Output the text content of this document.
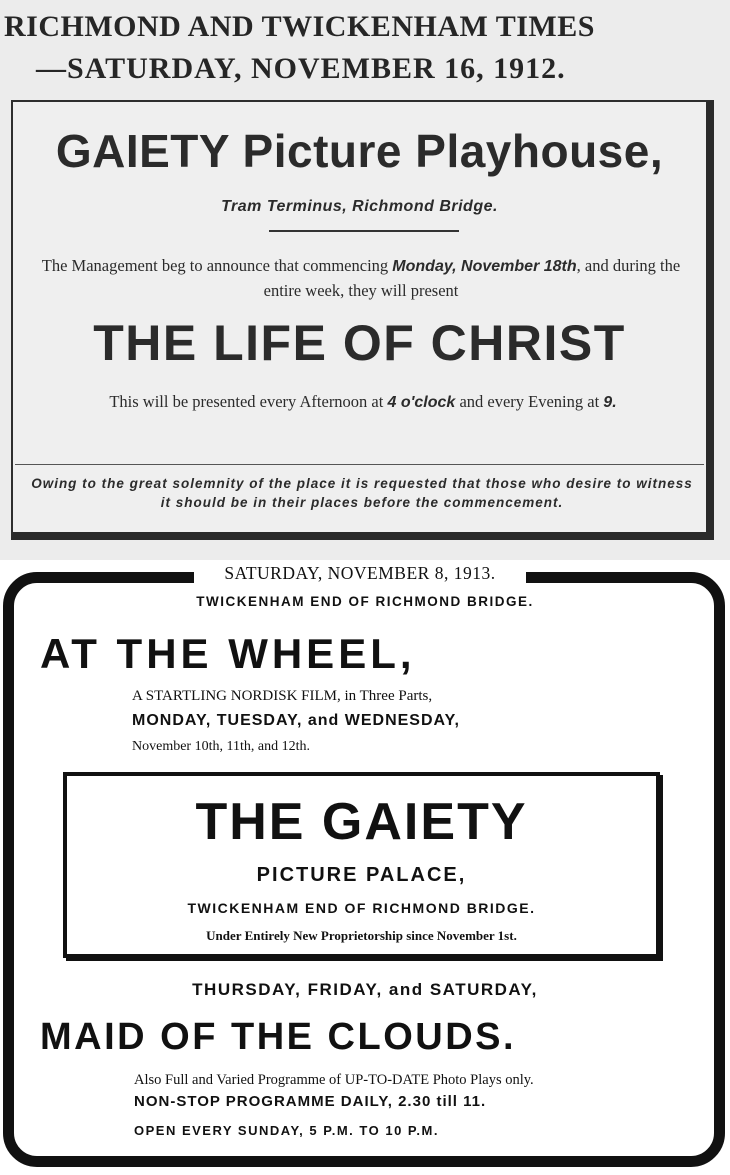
RICHMOND AND TWICKENHAM TIMES
—SATURDAY, NOVEMBER 16, 1912.
GAIETY Picture Playhouse,
Tram Terminus, Richmond Bridge.
The Management beg to announce that commencing Monday, November 18th, and during the entire week, they will present
THE LIFE OF CHRIST
This will be presented every Afternoon at 4 o'clock and every Evening at 9.
Owing to the great solemnity of the place it is requested that those who desire to witness it should be in their places before the commencement.
SATURDAY, NOVEMBER 8, 1913.
TWICKENHAM END OF RICHMOND BRIDGE.
AT THE WHEEL,
A STARTLING NORDISK FILM, in Three Parts,
MONDAY, TUESDAY, and WEDNESDAY,
November 10th, 11th, and 12th.
THE GAIETY
PICTURE PALACE,
TWICKENHAM END OF RICHMOND BRIDGE.
Under Entirely New Proprietorship since November 1st.
THURSDAY, FRIDAY, and SATURDAY,
MAID OF THE CLOUDS.
Also Full and Varied Programme of UP-TO-DATE Photo Plays only.
NON-STOP PROGRAMME DAILY, 2.30 till 11.
OPEN EVERY SUNDAY, 5 P.M. TO 10 P.M.
